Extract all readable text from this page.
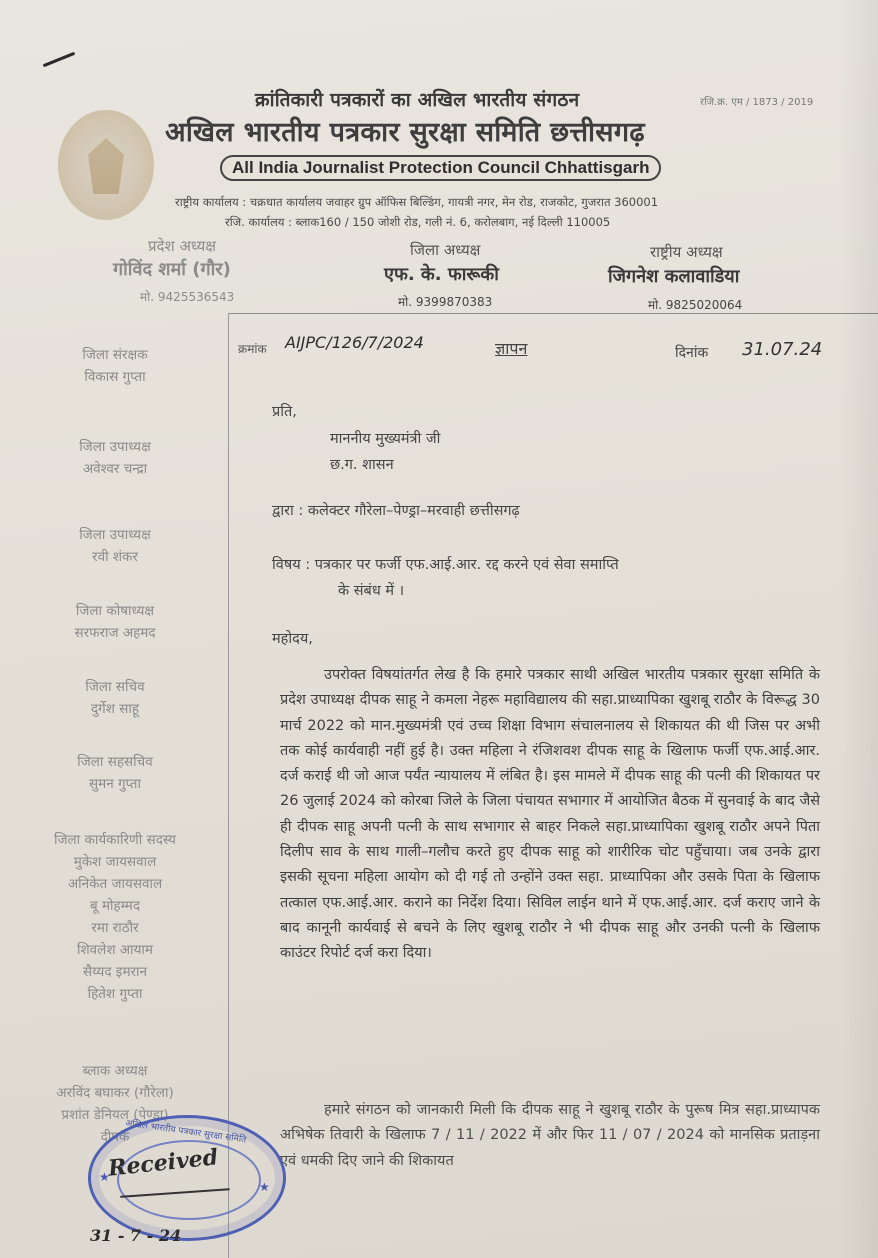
क्रांतिकारी पत्रकारों का अखिल भारतीय संगठन	रजि.क्र. एम / 1873 / 2019
अखिल भारतीय पत्रकार सुरक्षा समिति छत्तीसगढ़
All India Journalist Protection Council Chhattisgarh
राष्ट्रीय कार्यालय : चक्रधात कार्यालय जवाहर ग्रुप ऑफिस बिल्डिंग, गायत्री नगर, मेन रोड, राजकोट, गुजरात 360001
रजि. कार्यालय : ब्लाक160 / 150 जोशी रोड, गली नं. 6, करोलबाग, नई दिल्ली 110005
प्रदेश अध्यक्ष
गोविंद शर्मा (गौर)
मो. 9425536543
जिला अध्यक्ष
एफ. के. फारूकी
मो. 9399870383
राष्ट्रीय अध्यक्ष
जिगनेश कलावाडिया
मो. 9825020064
जिला संरक्षक
विकास गुप्ता
जिला उपाध्यक्ष
अवेश्वर चन्द्रा
जिला उपाध्यक्ष
रवी शंकर
जिला कोषाध्यक्ष
सरफराज अहमद
जिला सचिव
दुर्गेश साहू
जिला सहसचिव
सुमन गुप्ता
जिला कार्यकारिणी सदस्य
मुकेश जायसवाल
अनिकेत जायसवाल
बू मोहम्मद
रमा राठौर
शिवलेश आयाम
सैय्यद इमरान
हितेश गुप्ता
ब्लाक अध्यक्ष
अरविंद बघाकर (गौरेला)
प्रशांत डेनियल (पेण्ड्रा)
दीपक
क्रमांक AIJPC/126/7/2024	ज्ञापन	दिनांक 31.07.24
प्रति,
माननीय मुख्यमंत्री जी
छ.ग. शासन
द्वारा : कलेक्टर गौरेला–पेण्ड्रा–मरवाही छत्तीसगढ़
विषय : पत्रकार पर फर्जी एफ.आई.आर. रद्द करने एवं सेवा समाप्ति
के संबंध में ।
महोदय,
उपरोक्त विषयांतर्गत लेख है कि हमारे पत्रकार साथी अखिल भारतीय पत्रकार सुरक्षा समिति के प्रदेश उपाध्यक्ष दीपक साहू ने कमला नेहरू महाविद्यालय की सहा.प्राध्यापिका खुशबू राठौर के विरूद्ध 30 मार्च 2022 को मान.मुख्यमंत्री एवं उच्च शिक्षा विभाग संचालनालय से शिकायत की थी जिस पर अभी तक कोई कार्यवाही नहीं हुई है। उक्त महिला ने रंजिशवश दीपक साहू के खिलाफ फर्जी एफ.आई.आर. दर्ज कराई थी जो आज पर्यंत न्यायालय में लंबित है। इस मामले में दीपक साहू की पत्नी की शिकायत पर 26 जुलाई 2024 को कोरबा जिले के जिला पंचायत सभागार में आयोजित बैठक में सुनवाई के बाद जैसे ही दीपक साहू अपनी पत्नी के साथ सभागार से बाहर निकले सहा.प्राध्यापिका खुशबू राठौर अपने पिता दिलीप साव के साथ गाली–गलौच करते हुए दीपक साहू को शारीरिक चोट पहुँचाया। जब उनके द्वारा इसकी सूचना महिला आयोग को दी गई तो उन्होंने उक्त सहा. प्राध्यापिका और उसके पिता के खिलाफ तत्काल एफ.आई.आर. कराने का निर्देश दिया। सिविल लाईन थाने में एफ.आई.आर. दर्ज कराए जाने के बाद कानूनी कार्यवाई से बचने के लिए खुशबू राठौर ने भी दीपक साहू और उनकी पत्नी के खिलाफ काउंटर रिपोर्ट दर्ज करा दिया।
हमारे संगठन को जानकारी मिली कि दीपक साहू ने खुशबू राठौर के पुरूष मित्र सहा.प्राध्यापक अभिषेक तिवारी के खिलाफ 7 / 11 / 2022 में और फिर 11 / 07 / 2024 को मानसिक प्रताड़ना एवं धमकी दिए जाने की शिकायत
अखिल भारतीय पत्रकार सुरक्षा समिति
★
★
Received
31 - 7 - 24
